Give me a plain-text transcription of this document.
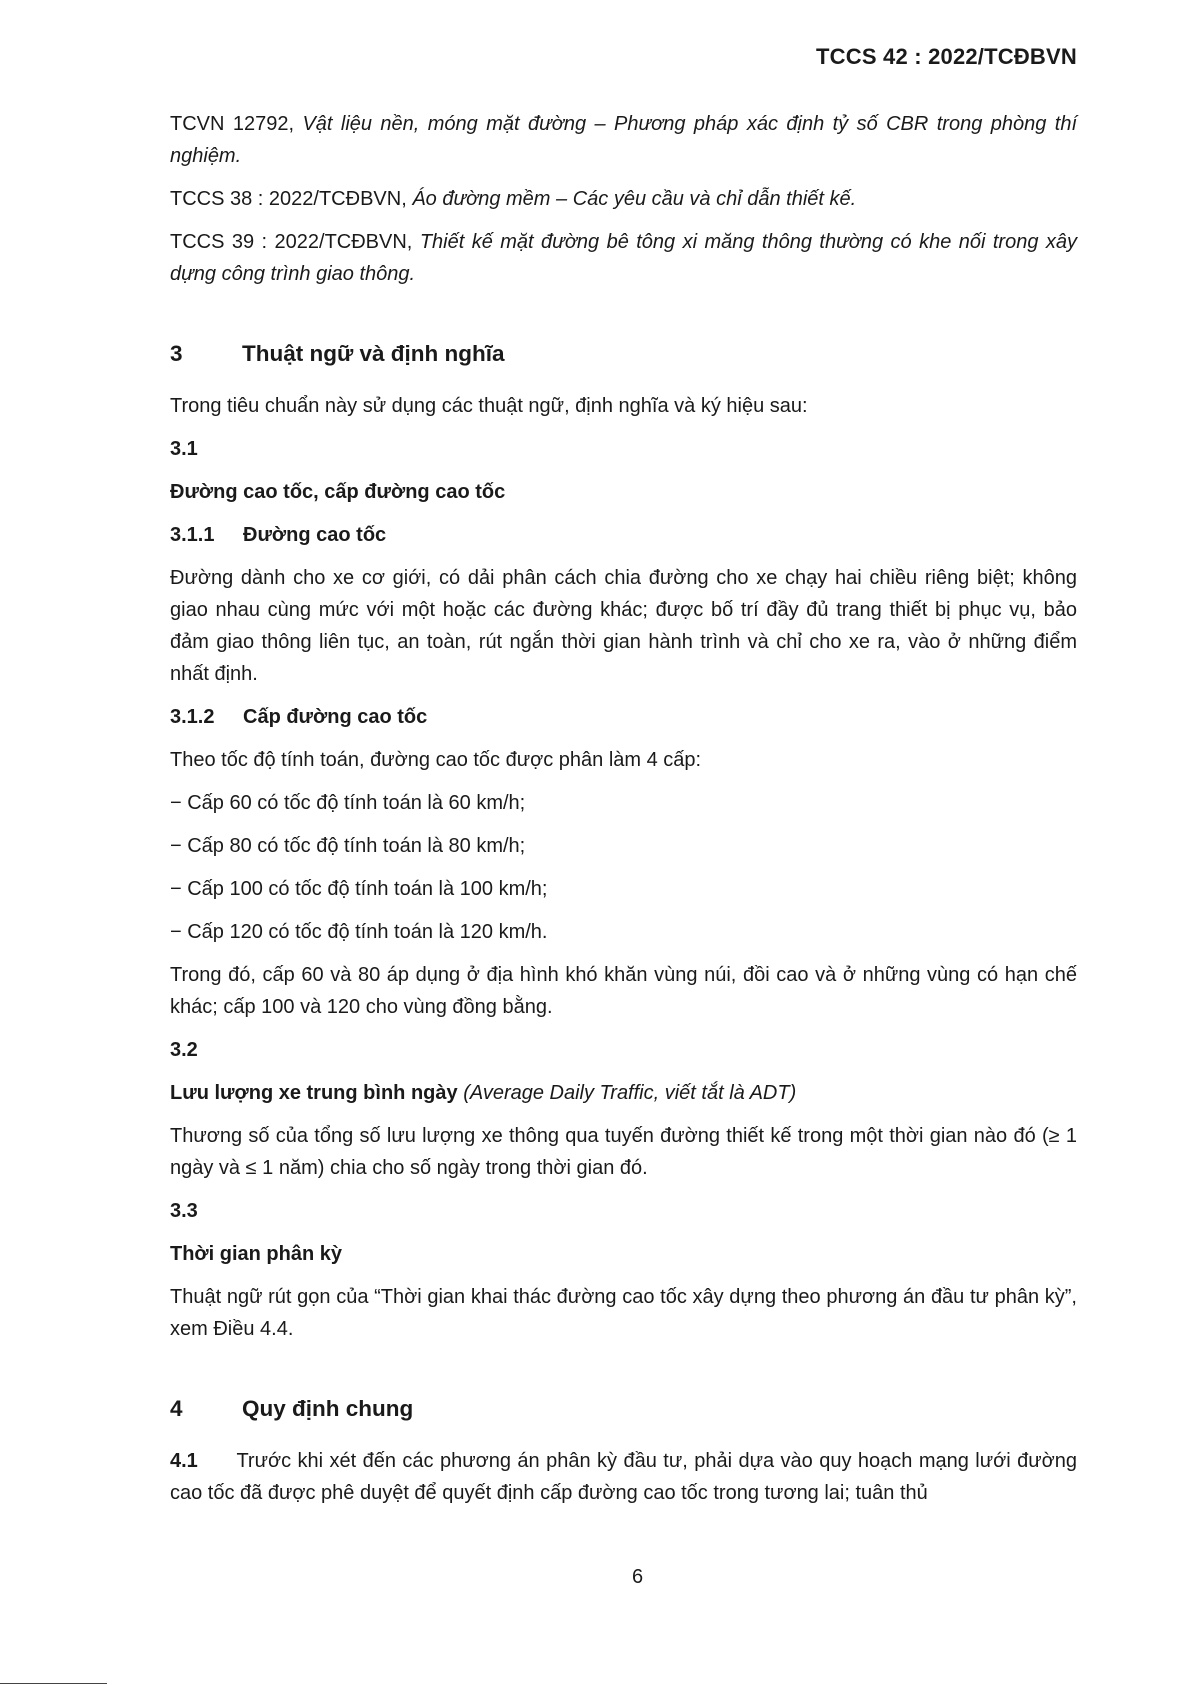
TCCS 42 : 2022/TCĐBVN

TCVN 12792, Vật liệu nền, móng mặt đường – Phương pháp xác định tỷ số CBR trong phòng thí nghiệm.

TCCS 38 : 2022/TCĐBVN, Áo đường mềm – Các yêu cầu và chỉ dẫn thiết kế.

TCCS 39 : 2022/TCĐBVN, Thiết kế mặt đường bê tông xi măng thông thường có khe nối trong xây dựng công trình giao thông.

3	Thuật ngữ và định nghĩa

Trong tiêu chuẩn này sử dụng các thuật ngữ, định nghĩa và ký hiệu sau:

3.1

Đường cao tốc, cấp đường cao tốc

3.1.1	Đường cao tốc

Đường dành cho xe cơ giới, có dải phân cách chia đường cho xe chạy hai chiều riêng biệt; không giao nhau cùng mức với một hoặc các đường khác; được bố trí đầy đủ trang thiết bị phục vụ, bảo đảm giao thông liên tục, an toàn, rút ngắn thời gian hành trình và chỉ cho xe ra, vào ở những điểm nhất định.

3.1.2	Cấp đường cao tốc

Theo tốc độ tính toán, đường cao tốc được phân làm 4 cấp:

− Cấp 60 có tốc độ tính toán là 60 km/h;

− Cấp 80 có tốc độ tính toán là 80 km/h;

− Cấp 100 có tốc độ tính toán là 100 km/h;

− Cấp 120 có tốc độ tính toán là 120 km/h.

Trong đó, cấp 60 và 80 áp dụng ở địa hình khó khăn vùng núi, đồi cao và ở những vùng có hạn chế khác; cấp 100 và 120 cho vùng đồng bằng.

3.2

Lưu lượng xe trung bình ngày (Average Daily Traffic, viết tắt là ADT)

Thương số của tổng số lưu lượng xe thông qua tuyến đường thiết kế trong một thời gian nào đó (≥ 1 ngày và ≤ 1 năm) chia cho số ngày trong thời gian đó.

3.3

Thời gian phân kỳ

Thuật ngữ rút gọn của “Thời gian khai thác đường cao tốc xây dựng theo phương án đầu tư phân kỳ”, xem Điều 4.4.

4	Quy định chung

4.1 Trước khi xét đến các phương án phân kỳ đầu tư, phải dựa vào quy hoạch mạng lưới đường cao tốc đã được phê duyệt để quyết định cấp đường cao tốc trong tương lai; tuân thủ

6
